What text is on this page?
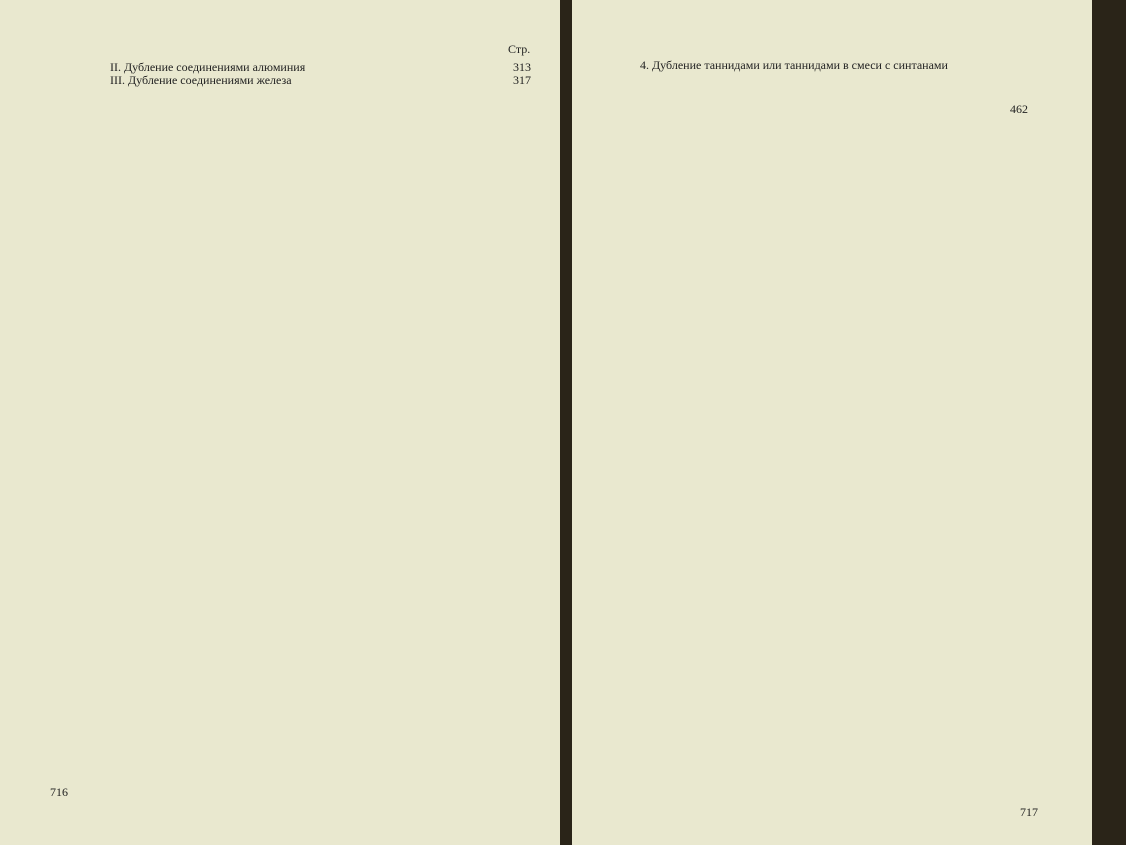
Стр.
II. Дубление соединениями алюминия	313
III. Дубление соединениями железа	317
716
4. Дубление таннидами или таннидами в смеси с синтанами
462
717
